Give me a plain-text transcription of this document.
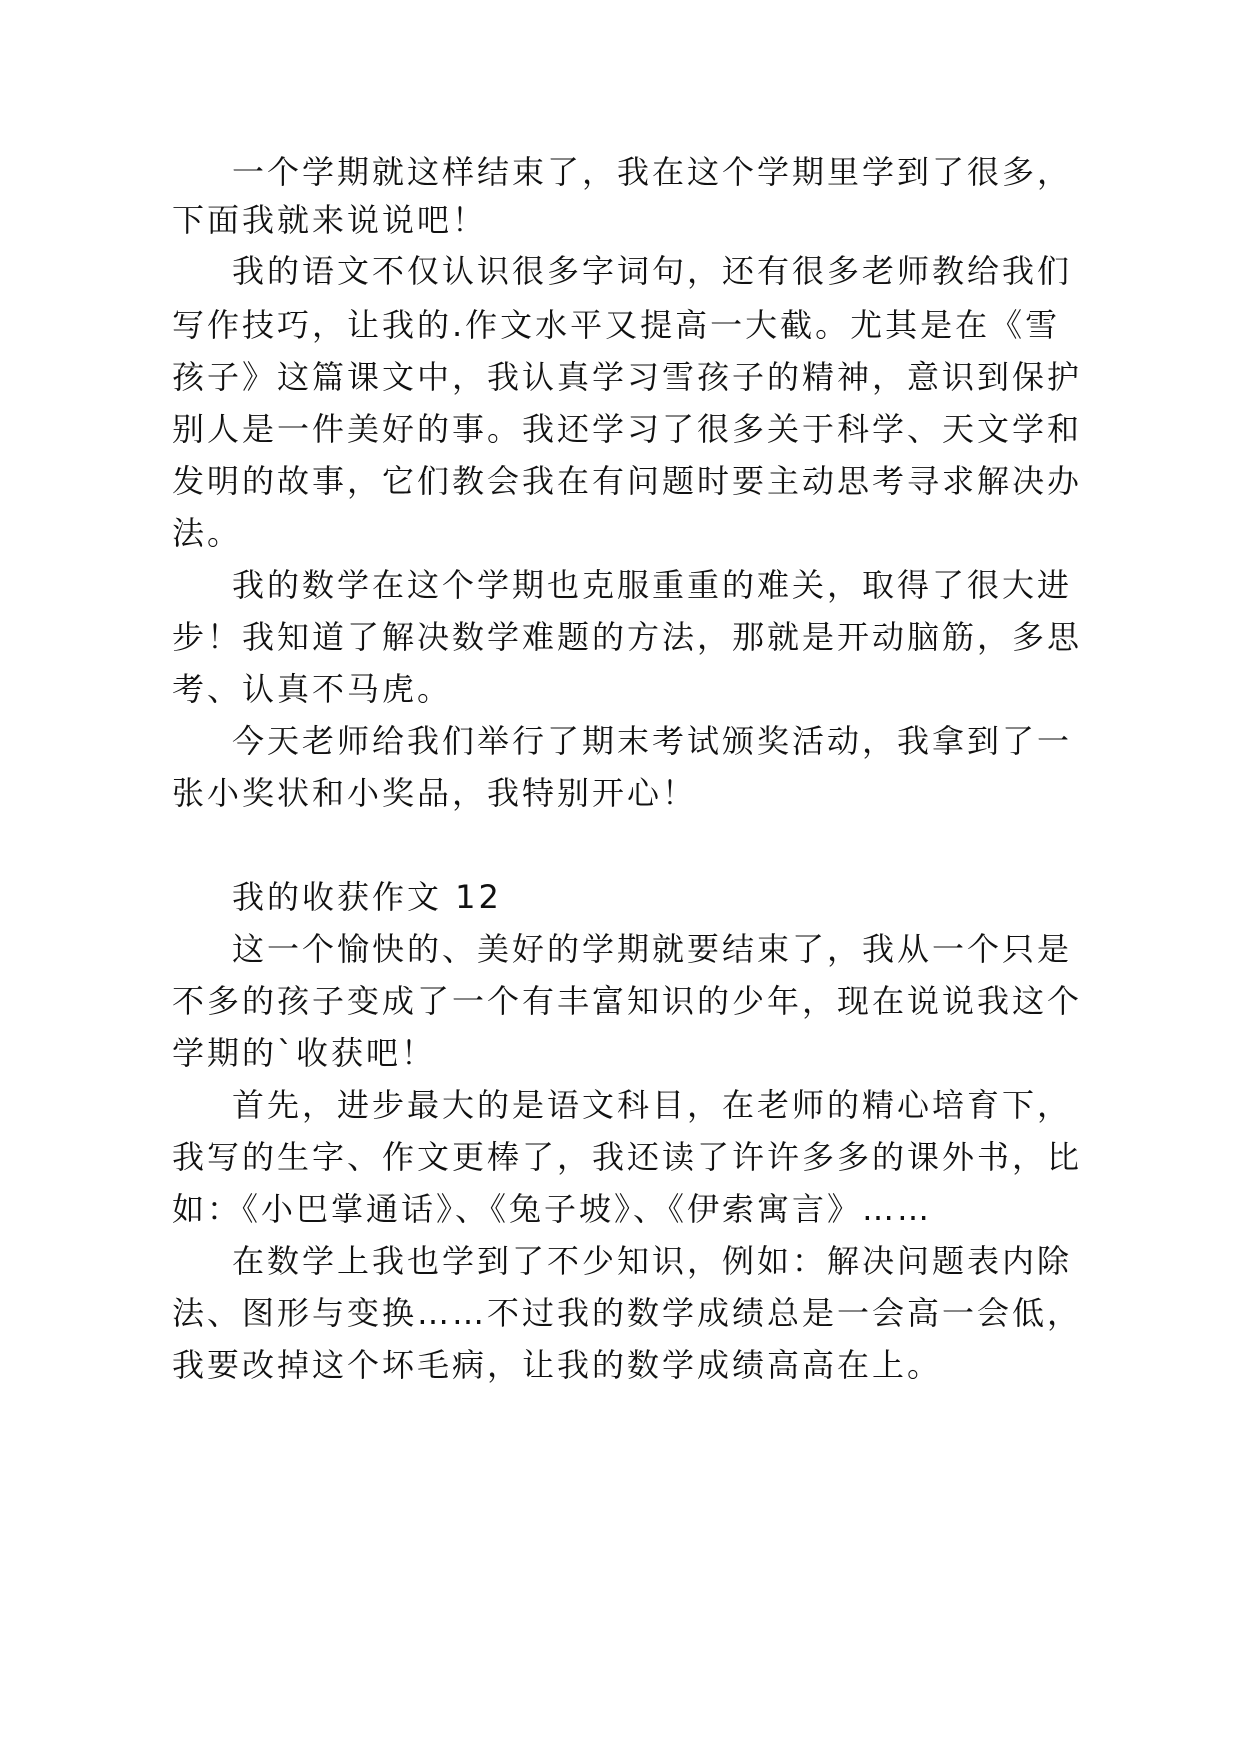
一个学期就这样结束了，我在这个学期里学到了很多，
下面我就来说说吧！
我的语文不仅认识很多字词句，还有很多老师教给我们
写作技巧，让我的.作文水平又提高一大截。尤其是在《雪
孩子》这篇课文中，我认真学习雪孩子的精神，意识到保护
别人是一件美好的事。我还学习了很多关于科学、天文学和
发明的故事，它们教会我在有问题时要主动思考寻求解决办
法。
我的数学在这个学期也克服重重的难关，取得了很大进
步！我知道了解决数学难题的方法，那就是开动脑筋，多思
考、认真不马虎。
今天老师给我们举行了期末考试颁奖活动，我拿到了一
张小奖状和小奖品，我特别开心！
我的收获作文 12
这一个愉快的、美好的学期就要结束了，我从一个只是
不多的孩子变成了一个有丰富知识的少年，现在说说我这个
学期的`收获吧！
首先，进步最大的是语文科目，在老师的精心培育下，
我写的生字、作文更棒了，我还读了许许多多的课外书，比
如：《小巴掌通话》、《兔子坡》、《伊索寓言》……
在数学上我也学到了不少知识，例如：解决问题表内除
法、图形与变换……不过我的数学成绩总是一会高一会低，
我要改掉这个坏毛病，让我的数学成绩高高在上。
